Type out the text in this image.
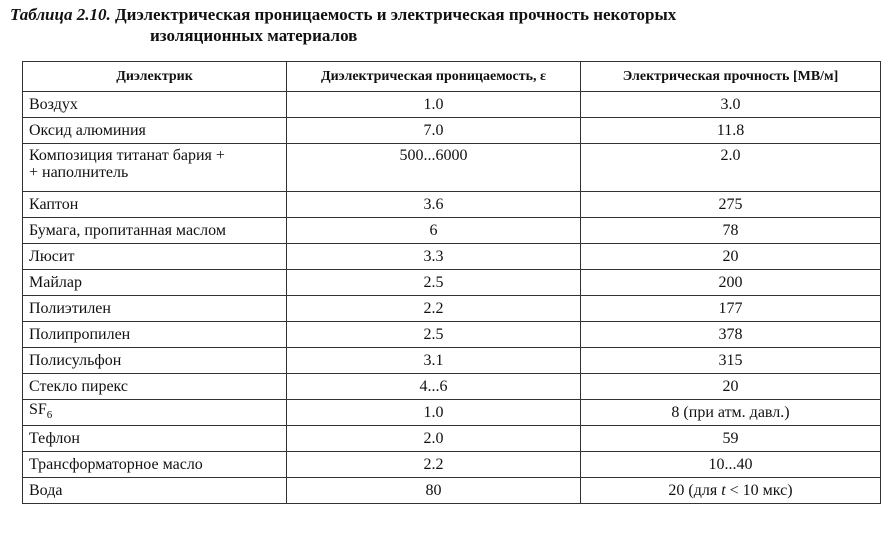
Таблица 2.10. Диэлектрическая проницаемость и электрическая прочность некоторых
изоляционных материалов
Диэлектрик	Диэлектрическая проницаемость, ε	Электрическая прочность [МВ/м]
Воздух	1.0	3.0
Оксид алюминия	7.0	11.8
Композиция титанат бария +
+ наполнитель	500...6000	2.0
Каптон	3.6	275
Бумага, пропитанная маслом	6	78
Люсит	3.3	20
Майлар	2.5	200
Полиэтилен	2.2	177
Полипропилен	2.5	378
Полисульфон	3.1	315
Стекло пирекс	4...6	20
$SF_6$	1.0	8 (при атм. давл.)
Тефлон	2.0	59
Трансформаторное масло	2.2	10...40
Вода	80	20 (для t < 10 мкс)
